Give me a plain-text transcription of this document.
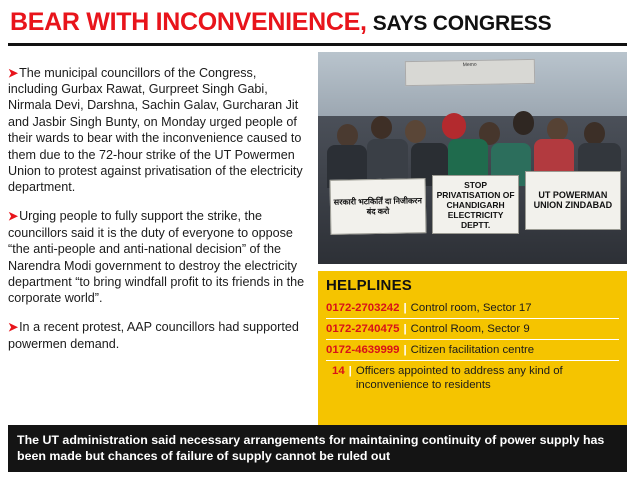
BEAR WITH INCONVENIENCE, SAYS CONGRESS

➤The municipal councillors of the Congress, including Gurbax Rawat, Gurpreet Singh Gabi, Nirmala Devi, Darshna, Sachin Galav, Gurcharan Jit and Jasbir Singh Bunty, on Monday urged people of their wards to bear with the inconvenience caused to them due to the 72-hour strike of the UT Powermen Union to protest against privatisation of the electricity department.

➤Urging people to fully support the strike, the councillors said it is the duty of everyone to oppose “the anti-people and anti-national decision” of the Narendra Modi government to destroy the electricity department “to bring windfall profit to its friends in the corporate world”.

➤In a recent protest, AAP councillors had supported powermen demand.

Memo
सरकारी भटकिर्तिं दा निजीकरन बंद करो
STOP PRIVATISATION OF CHANDIGARH ELECTRICITY DEPTT.
UT POWERMAN UNION ZINDABAD
HELPLINES
0172-2703242 | Control room, Sector 17
0172-2740475 | Control Room, Sector 9
0172-4639999 | Citizen facilitation centre
14 | Officers appointed to address any kind of inconvenience to residents
The UT administration said necessary arrangements for maintaining continuity of power supply has been made but chances of failure of supply cannot be ruled out
